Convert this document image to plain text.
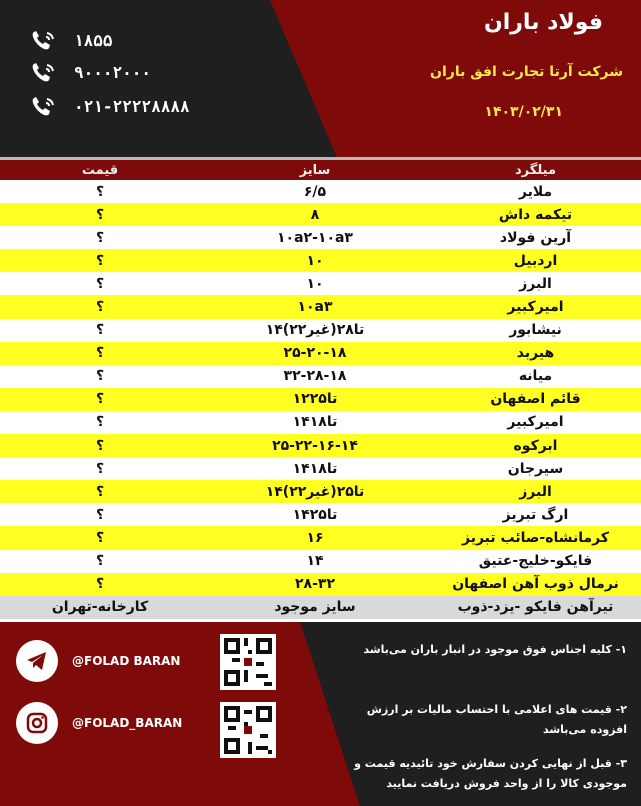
فولاد باران
شرکت آرتا تجارت افق باران
۱۴۰۳/۰۲/۳۱
۱۸۵۵
۹۰۰۰۲۰۰۰
۰۲۱-۲۲۲۲۸۸۸۸
قیمت	سایز	میلگرد
؟	۶/۵	ملایر
؟	۸	تیکمه داش
؟	۱۰a۲-۱۰a۳	آرین فولاد
؟	۱۰	اردبیل
؟	۱۰	البرز
؟	۱۰a۳	امیرکبیر
؟	۱۴تا۲۸(غیر۲۲)	نیشابور
؟	۲۵-۲۰-۱۸	هیربد
؟	۳۲-۲۸-۱۸	میانه
؟	۱۲تا۲۵	قائم اصفهان
؟	۱۴تا۱۸	امیرکبیر
؟	۲۵-۲۲-۱۶-۱۴	ابرکوه
؟	۱۴تا۱۸	سیرجان
؟	۱۴تا۲۵(غیر۲۲)	البرز
؟	۱۴تا۲۵	ارگ تبریز
؟	۱۶	کرمانشاه-صائب تبریز
؟	۱۴	فایکو-خلیج-عتیق
؟	۲۸-۳۲	نرمال ذوب آهن اصفهان
کارخانه-تهران	سایز موجود	تیرآهن فایکو -یزد-ذوب
@FOLAD BARAN
@FOLAD_BARAN
۱- کلیه اجناس فوق موجود در انبار باران می‌باشد
۲- قیمت های اعلامی با احتساب مالیات بر ارزش افزوده می‌باشد
۳- قبل از نهایی کردن سفارش خود تائیدیه قیمت و موجودی کالا را از واحد فروش دریافت نمایید
